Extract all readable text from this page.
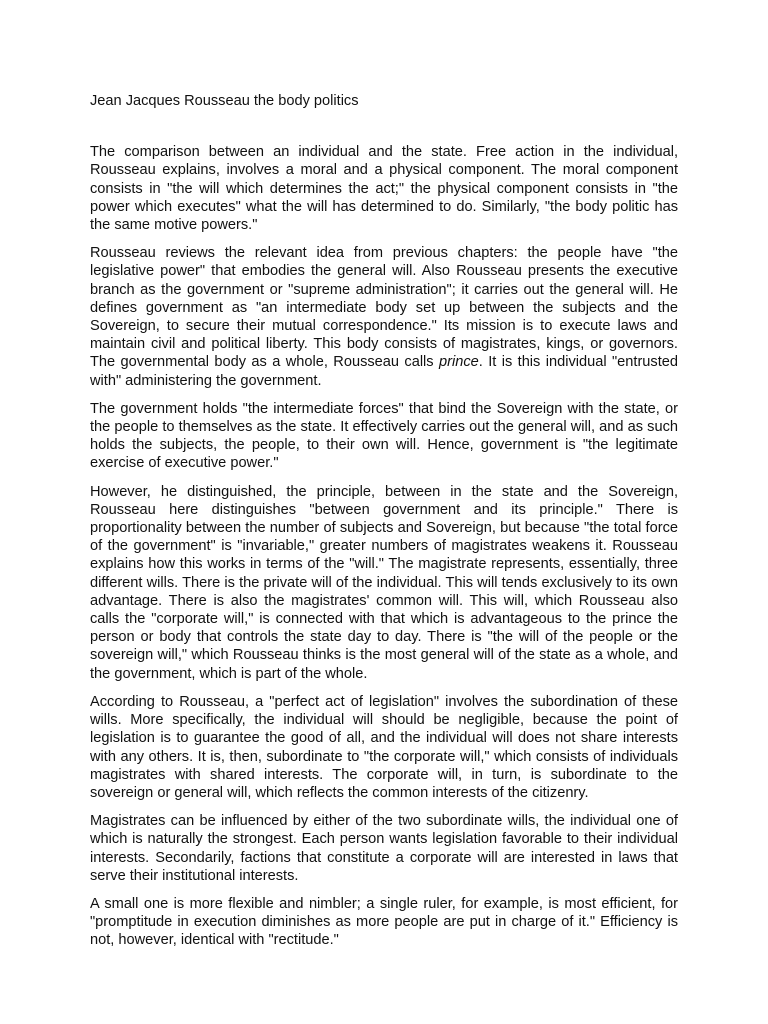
Jean Jacques Rousseau the body politics

The comparison between an individual and the state. Free action in the individual, Rousseau explains, involves a moral and a physical component. The moral component consists in "the will which determines the act;" the physical component consists in "the power which executes" what the will has determined to do. Similarly, "the body politic has the same motive powers."

Rousseau reviews the relevant idea from previous chapters: the people have "the legislative power" that embodies the general will. Also Rousseau presents the executive branch as the government or "supreme administration"; it carries out the general will. He defines government as "an intermediate body set up between the subjects and the Sovereign, to secure their mutual correspondence." Its mission is to execute laws and maintain civil and political liberty. This body consists of magistrates, kings, or governors. The governmental body as a whole, Rousseau calls prince. It is this individual "entrusted with" administering the government.

The government holds "the intermediate forces" that bind the Sovereign with the state, or the people to themselves as the state. It effectively carries out the general will, and as such holds the subjects, the people, to their own will. Hence, government is "the legitimate exercise of executive power."

However, he distinguished, the principle, between in the state and the Sovereign, Rousseau here distinguishes "between government and its principle." There is proportionality between the number of subjects and Sovereign, but because "the total force of the government" is "invariable," greater numbers of magistrates weakens it. Rousseau explains how this works in terms of the "will." The magistrate represents, essentially, three different wills. There is the private will of the individual. This will tends exclusively to its own advantage. There is also the magistrates' common will. This will, which Rousseau also calls the "corporate will," is connected with that which is advantageous to the prince the person or body that controls the state day to day. There is "the will of the people or the sovereign will," which Rousseau thinks is the most general will of the state as a whole, and the government, which is part of the whole.

According to Rousseau, a "perfect act of legislation" involves the subordination of these wills. More specifically, the individual will should be negligible, because the point of legislation is to guarantee the good of all, and the individual will does not share interests with any others. It is, then, subordinate to "the corporate will," which consists of individuals magistrates with shared interests. The corporate will, in turn, is subordinate to the sovereign or general will, which reflects the common interests of the citizenry.

Magistrates can be influenced by either of the two subordinate wills, the individual one of which is naturally the strongest. Each person wants legislation favorable to their individual interests. Secondarily, factions that constitute a corporate will are interested in laws that serve their institutional interests.

A small one is more flexible and nimbler; a single ruler, for example, is most efficient, for "promptitude in execution diminishes as more people are put in charge of it." Efficiency is not, however, identical with "rectitude."
